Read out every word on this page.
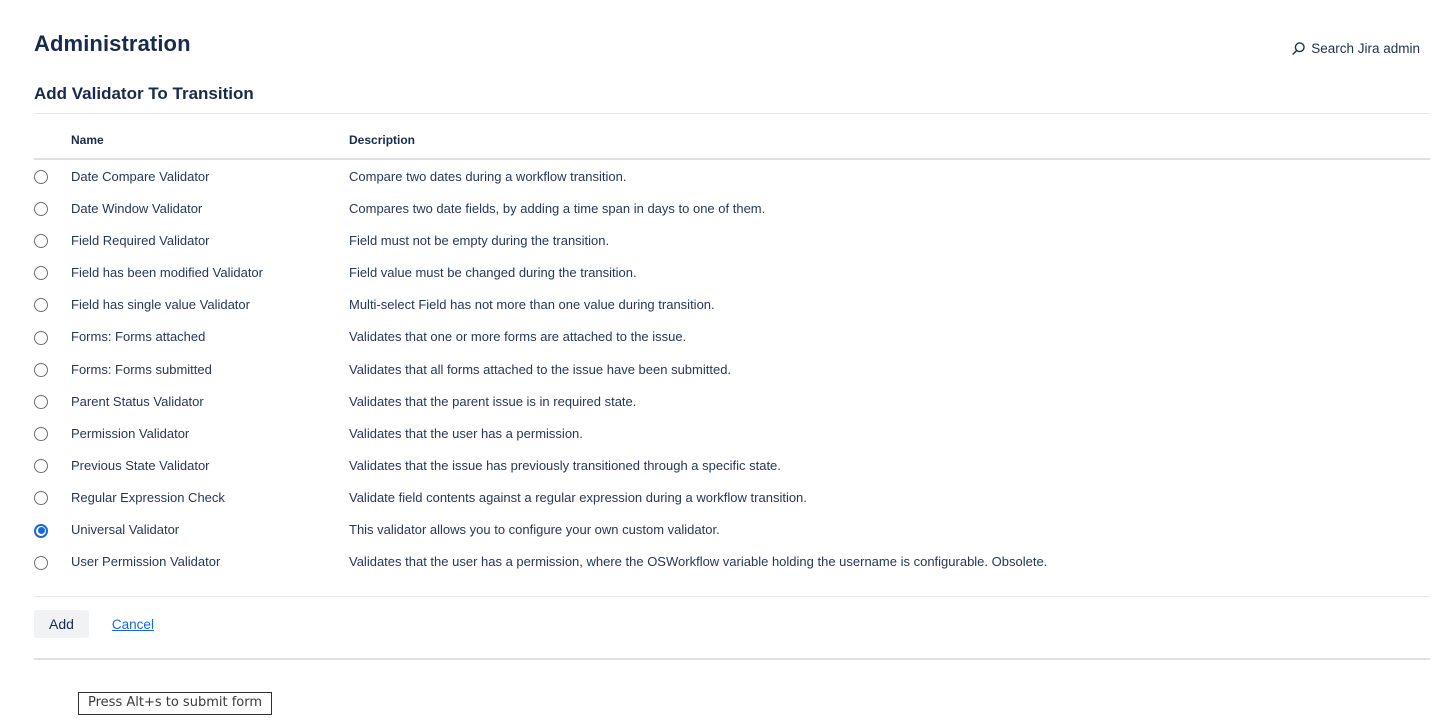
Administration	Search Jira admin
Add Validator To Transition
	Name	Description
	Date Compare Validator	Compare two dates during a workflow transition.
	Date Window Validator	Compares two date fields, by adding a time span in days to one of them.
	Field Required Validator	Field must not be empty during the transition.
	Field has been modified Validator	Field value must be changed during the transition.
	Field has single value Validator	Multi-select Field has not more than one value during transition.
	Forms: Forms attached	Validates that one or more forms are attached to the issue.
	Forms: Forms submitted	Validates that all forms attached to the issue have been submitted.
	Parent Status Validator	Validates that the parent issue is in required state.
	Permission Validator	Validates that the user has a permission.
	Previous State Validator	Validates that the issue has previously transitioned through a specific state.
	Regular Expression Check	Validate field contents against a regular expression during a workflow transition.
	Universal Validator	This validator allows you to configure your own custom validator.
	User Permission Validator	Validates that the user has a permission, where the OSWorkflow variable holding the username is configurable. Obsolete.
Add	Cancel
Press Alt+s to submit form
